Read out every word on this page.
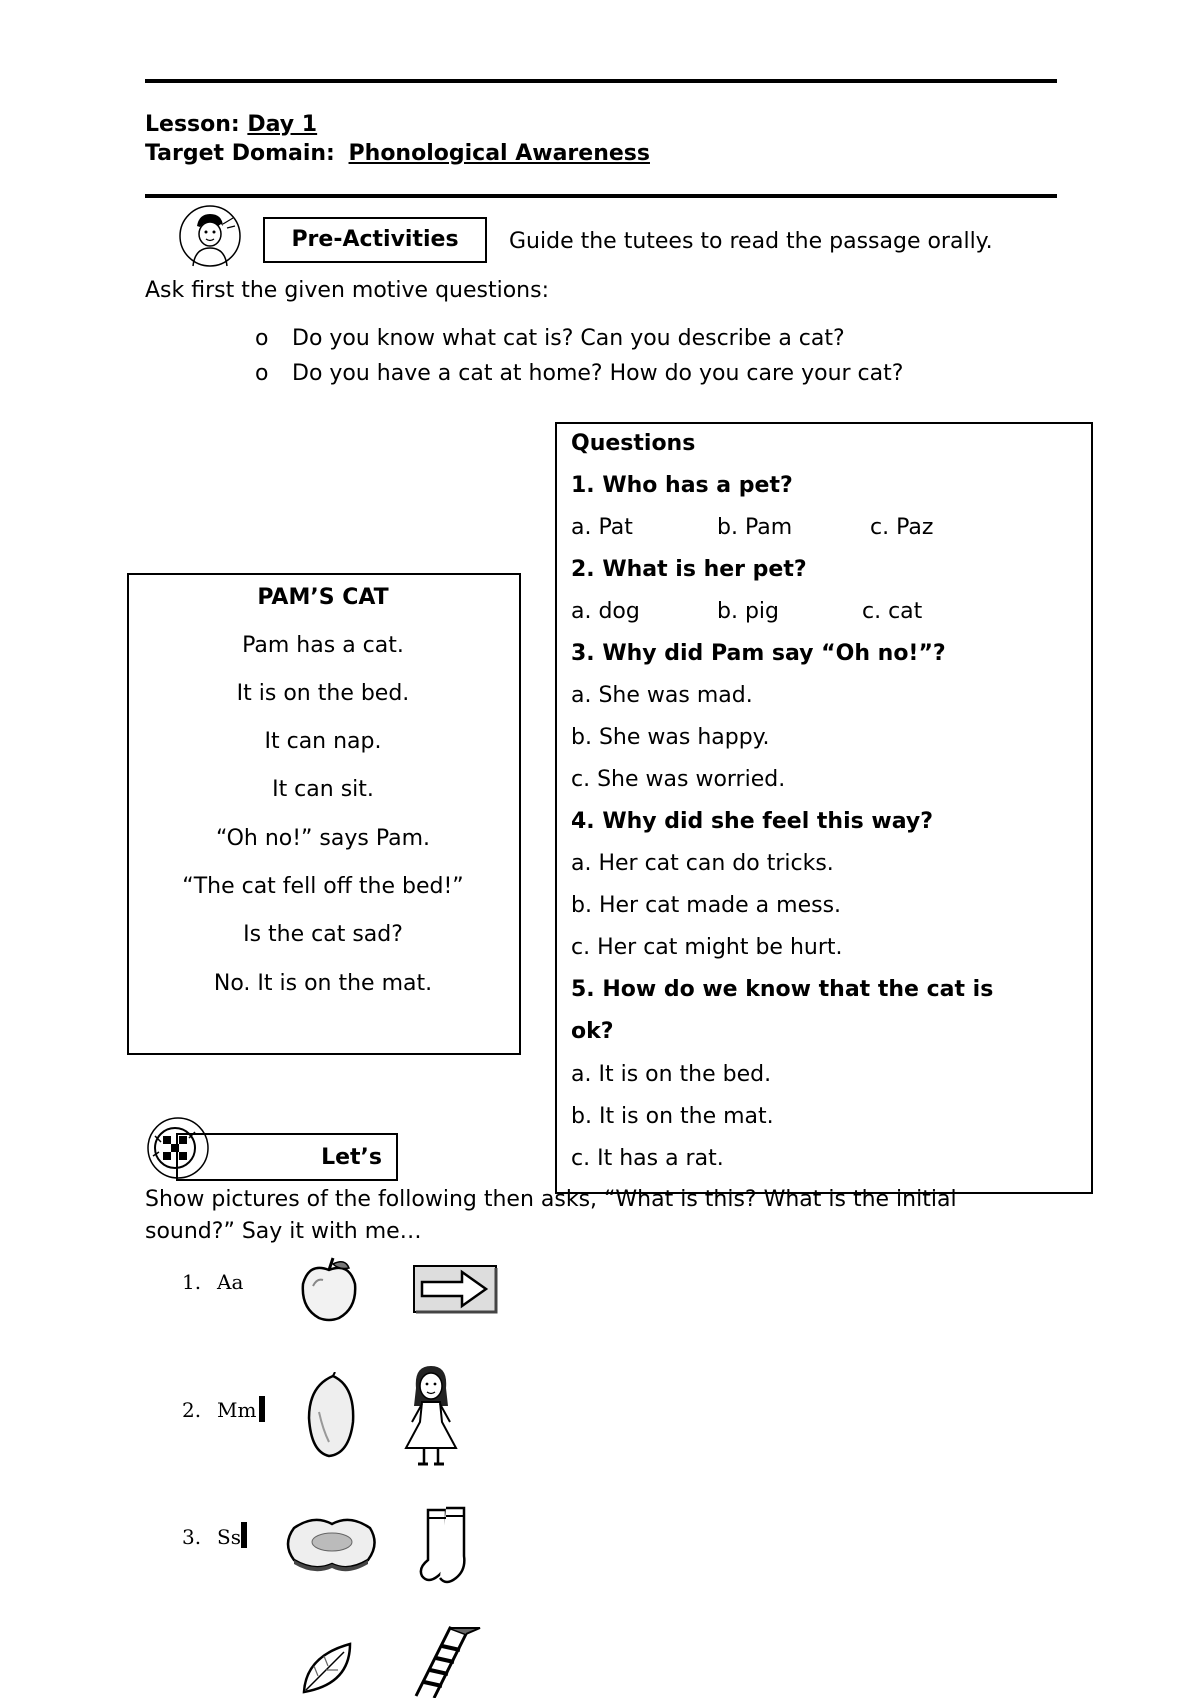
Lesson: Day 1
Target Domain: Phonological Awareness
Pre-Activities	Guide the tutees to read the passage orally.
Ask first the given motive questions:
o Do you know what cat is? Can you describe a cat?
o Do you have a cat at home? How do you care your cat?
PAM’S CAT
Pam has a cat.
It is on the bed.
It can nap.
It can sit.
“Oh no!” says Pam.
“The cat fell off the bed!”
Is the cat sad?
No. It is on the mat.
Questions
1. Who has a pet?
a. Pat	b. Pam	c. Paz
2. What is her pet?
a. dog	b. pig	c. cat
3. Why did Pam say “Oh no!”?
a. She was mad.
b. She was happy.
c. She was worried.
4. Why did she feel this way?
a. Her cat can do tricks.
b. Her cat made a mess.
c. Her cat might be hurt.
5. How do we know that the cat is
ok?
a. It is on the bed.
b. It is on the mat.
c. It has a rat.
Let’s
Show pictures of the following then asks, “What is this? What is the initial
sound?” Say it with me…
1. Aa
2. Mm
3. Ss
